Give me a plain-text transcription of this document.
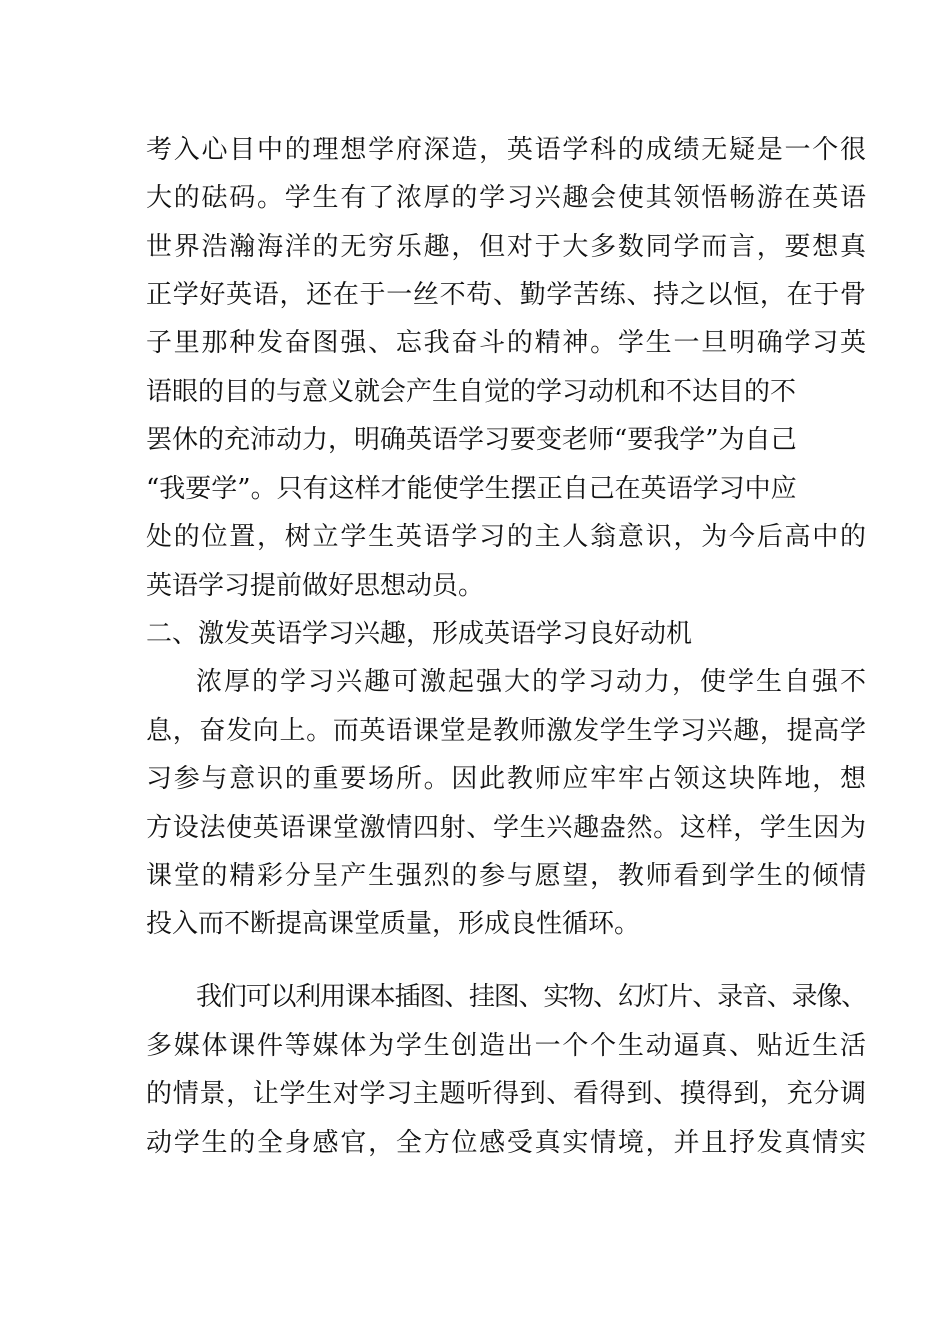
考入心目中的理想学府深造，英语学科的成绩无疑是一个很
大的砝码。学生有了浓厚的学习兴趣会使其领悟畅游在英语
世界浩瀚海洋的无穷乐趣，但对于大多数同学而言，要想真
正学好英语，还在于一丝不苟、勤学苦练、持之以恒，在于骨
子里那种发奋图强、忘我奋斗的精神。学生一旦明确学习英
语眼的目的与意义就会产生自觉的学习动机和不达目的不
罢休的充沛动力，明确英语学习要变老师“要我学”为自己
“我要学”。只有这样才能使学生摆正自己在英语学习中应
处的位置，树立学生英语学习的主人翁意识，为今后高中的
英语学习提前做好思想动员。
二、激发英语学习兴趣，形成英语学习良好动机
浓厚的学习兴趣可激起强大的学习动力，使学生自强不
息，奋发向上。而英语课堂是教师激发学生学习兴趣，提高学
习参与意识的重要场所。因此教师应牢牢占领这块阵地，想
方设法使英语课堂激情四射、学生兴趣盎然。这样，学生因为
课堂的精彩分呈产生强烈的参与愿望，教师看到学生的倾情
投入而不断提高课堂质量，形成良性循环。
我们可以利用课本插图、挂图、实物、幻灯片、录音、录像、
多媒体课件等媒体为学生创造出一个个生动逼真、贴近生活
的情景，让学生对学习主题听得到、看得到、摸得到，充分调
动学生的全身感官，全方位感受真实情境，并且抒发真情实
